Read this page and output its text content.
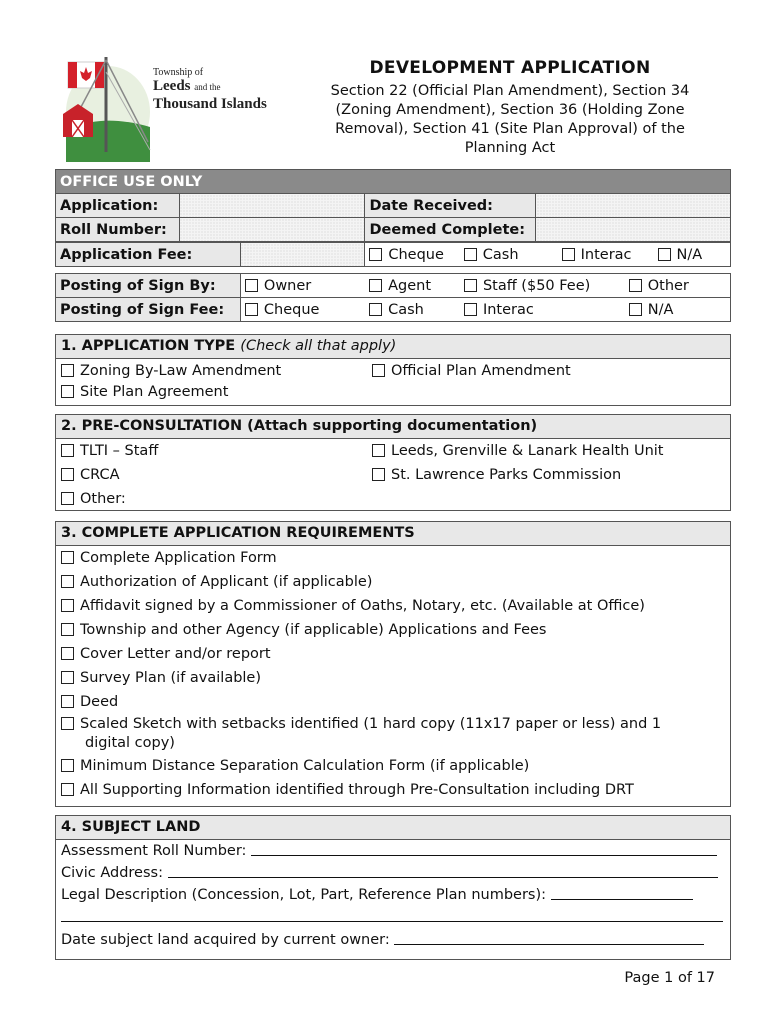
Township of
Leeds and the
Thousand Islands
DEVELOPMENT APPLICATION

Section 22 (Official Plan Amendment), Section 34

(Zoning Amendment), Section 36 (Holding Zone

Removal), Section 41 (Site Plan Approval) of the

Planning Act

OFFICE USE ONLY			
Application:		Date Received:	
Roll Number:		Deemed Complete:	
Application Fee:		Cheque	Cash	Interac	N/A
Posting of Sign By:	Owner	Agent	Staff ($50 Fee)	Other
Posting of Sign Fee:	Cheque	Cash	Interac	N/A
1. APPLICATION TYPE (Check all that apply)
Zoning By-Law Amendment	Official Plan Amendment
Site Plan Agreement
2. PRE-CONSULTATION (Attach supporting documentation)
TLTI – Staff	Leeds, Grenville & Lanark Health Unit
CRCA	St. Lawrence Parks Commission
Other:
3. COMPLETE APPLICATION REQUIREMENTS
Complete Application Form
Authorization of Applicant (if applicable)
Affidavit signed by a Commissioner of Oaths, Notary, etc. (Available at Office)
Township and other Agency (if applicable) Applications and Fees
Cover Letter and/or report
Survey Plan (if available)
Deed
Scaled Sketch with setbacks identified (1 hard copy (11x17 paper or less) and 1
digital copy)
Minimum Distance Separation Calculation Form (if applicable)
All Supporting Information identified through Pre-Consultation including DRT
4. SUBJECT LAND
Assessment Roll Number:
Civic Address:
Legal Description (Concession, Lot, Part, Reference Plan numbers):
Date subject land acquired by current owner:
Page 1 of 17
